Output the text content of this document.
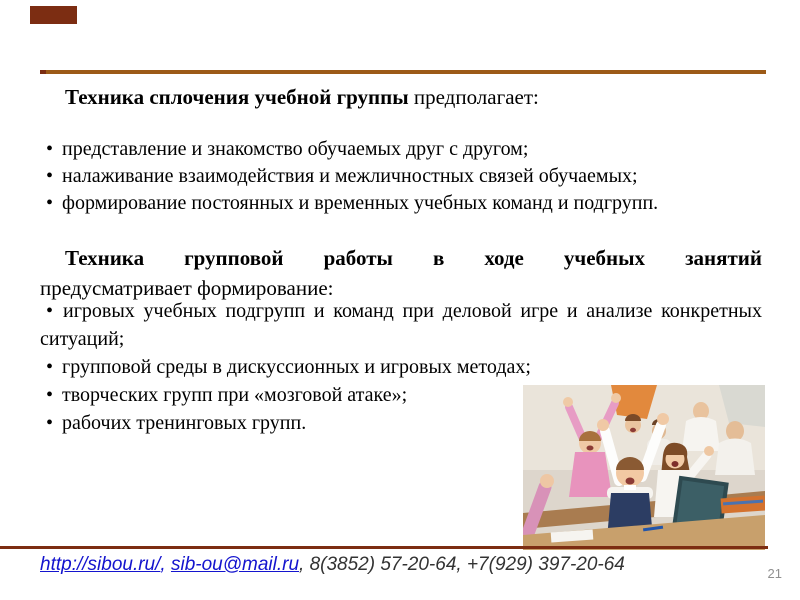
Техника сплочения учебной группы предполагает:
• представление и знакомство обучаемых друг с другом;
• налаживание взаимодействия и межличностных связей обучаемых;
• формирование постоянных и временных учебных команд и подгрупп.
Техника групповой работы в ходе учебных занятий
предусматривает формирование:
• игровых учебных подгрупп и команд при деловой игре и анализе конкретных ситуаций;
• групповой среды в дискуссионных и игровых методах;
• творческих групп при «мозговой атаке»;
• рабочих тренинговых групп.
http://sibou.ru/, sib-ou@mail.ru, 8(3852) 57-20-64, +7(929) 397-20-64	21
